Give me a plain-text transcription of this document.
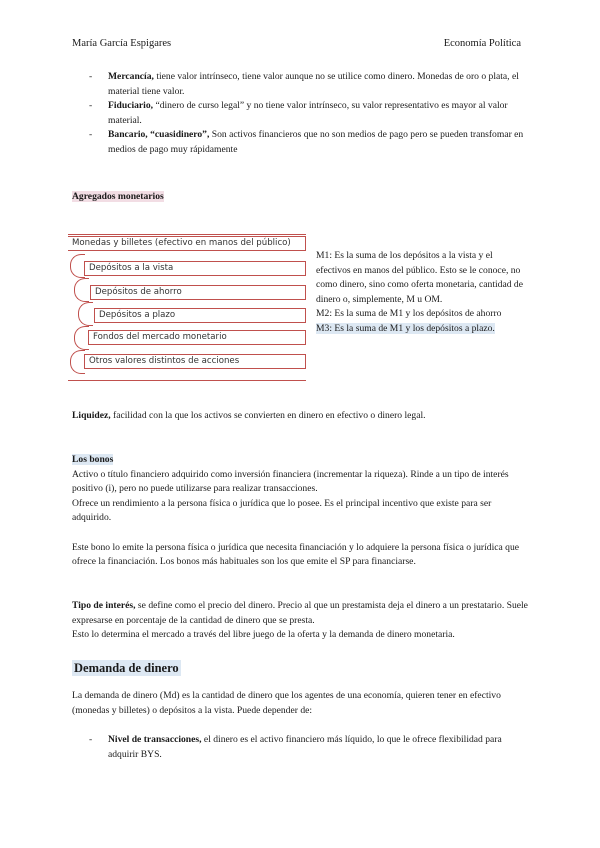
María García Espigares	Economía Política
- Mercancía, tiene valor intrínseco, tiene valor aunque no se utilice como dinero. Monedas de oro o plata, el material tiene valor.
- Fiduciario, “dinero de curso legal” y no tiene valor intrínseco, su valor representativo es mayor al valor material.
- Bancario, “cuasidinero”, Son activos financieros que no son medios de pago pero se pueden transfomar en medios de pago muy rápidamente
Agregados monetarios
Monedas y billetes (efectivo en manos del público)
Depósitos a la vista
Depósitos de ahorro
Depósitos a plazo
Fondos del mercado monetario
Otros valores distintos de acciones
M1: Es la suma de los depósitos a la vista y el efectivos en manos del público. Esto se le conoce, no como dinero, sino como oferta monetaria, cantidad de dinero o, simplemente, M u OM.
M2: Es la suma de M1 y los depósitos de ahorro
M3: Es la suma de M1 y los depósitos a plazo.
Liquidez, facilidad con la que los activos se convierten en dinero en efectivo o dinero legal.
Los bonos
Activo o título financiero adquirido como inversión financiera (incrementar la riqueza). Rinde a un tipo de interés positivo (i), pero no puede utilizarse para realizar transacciones.
Ofrece un rendimiento a la persona física o jurídica que lo posee. Es el principal incentivo que existe para ser adquirido.
Este bono lo emite la persona física o jurídica que necesita financiación y lo adquiere la persona física o jurídica que ofrece la financiación. Los bonos más habituales son los que emite el SP para financiarse.
Tipo de interés, se define como el precio del dinero. Precio al que un prestamista deja el dinero a un prestatario. Suele expresarse en porcentaje de la cantidad de dinero que se presta.
Esto lo determina el mercado a través del libre juego de la oferta y la demanda de dinero monetaria.
Demanda de dinero
La demanda de dinero (Md) es la cantidad de dinero que los agentes de una economía, quieren tener en efectivo (monedas y billetes) o depósitos a la vista. Puede depender de:
- Nivel de transacciones, el dinero es el activo financiero más líquido, lo que le ofrece flexibilidad para adquirir BYS.
